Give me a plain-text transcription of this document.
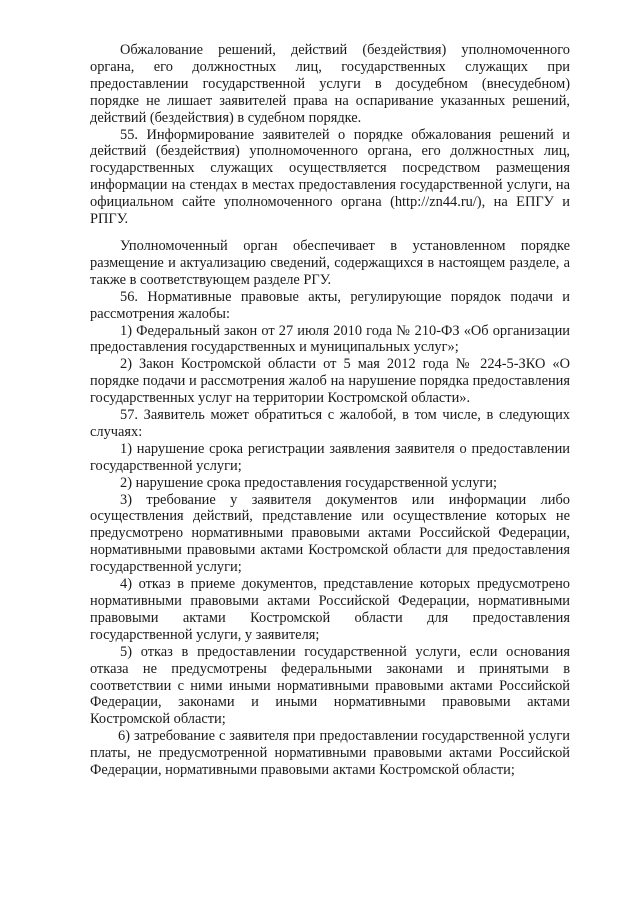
Обжалование решений, действий (бездействия) уполномоченного органа, его должностных лиц, государственных служащих при предоставлении государственной услуги в досудебном (внесудебном) порядке не лишает заявителей права на оспаривание указанных решений, действий (бездействия) в судебном порядке.

55. Информирование заявителей о порядке обжалования решений и действий (бездействия) уполномоченного органа, его должностных лиц, государственных служащих осуществляется посредством размещения информации на стендах в местах предоставления государственной услуги, на официальном сайте уполномоченного органа (http://zn44.ru/), на ЕПГУ и РПГУ.

Уполномоченный орган обеспечивает в установленном порядке размещение и актуализацию сведений, содержащихся в настоящем разделе, а также в соответствующем разделе РГУ.

56. Нормативные правовые акты, регулирующие порядок подачи и рассмотрения жалобы:

1) Федеральный закон от 27 июля 2010 года № 210-ФЗ «Об организации предоставления государственных и муниципальных услуг»;

2) Закон Костромской области от 5 мая 2012 года № 224-5-ЗКО «О порядке подачи и рассмотрения жалоб на нарушение порядка предоставления государственных услуг на территории Костромской области».

57. Заявитель может обратиться с жалобой, в том числе, в следующих случаях:

1) нарушение срока регистрации заявления заявителя о предоставлении государственной услуги;

2) нарушение срока предоставления государственной услуги;

3) требование у заявителя документов или информации либо осуществления действий, представление или осуществление которых не предусмотрено нормативными правовыми актами Российской Федерации, нормативными правовыми актами Костромской области для предоставления государственной услуги;

4) отказ в приеме документов, представление которых предусмотрено нормативными правовыми актами Российской Федерации, нормативными правовыми актами Костромской области для предоставления государственной услуги, у заявителя;

5) отказ в предоставлении государственной услуги, если основания отказа не предусмотрены федеральными законами и принятыми в соответствии с ними иными нормативными правовыми актами Российской Федерации, законами и иными нормативными правовыми актами Костромской области;

6) затребование с заявителя при предоставлении государственной услуги платы, не предусмотренной нормативными правовыми актами Российской Федерации, нормативными правовыми актами Костромской области;
